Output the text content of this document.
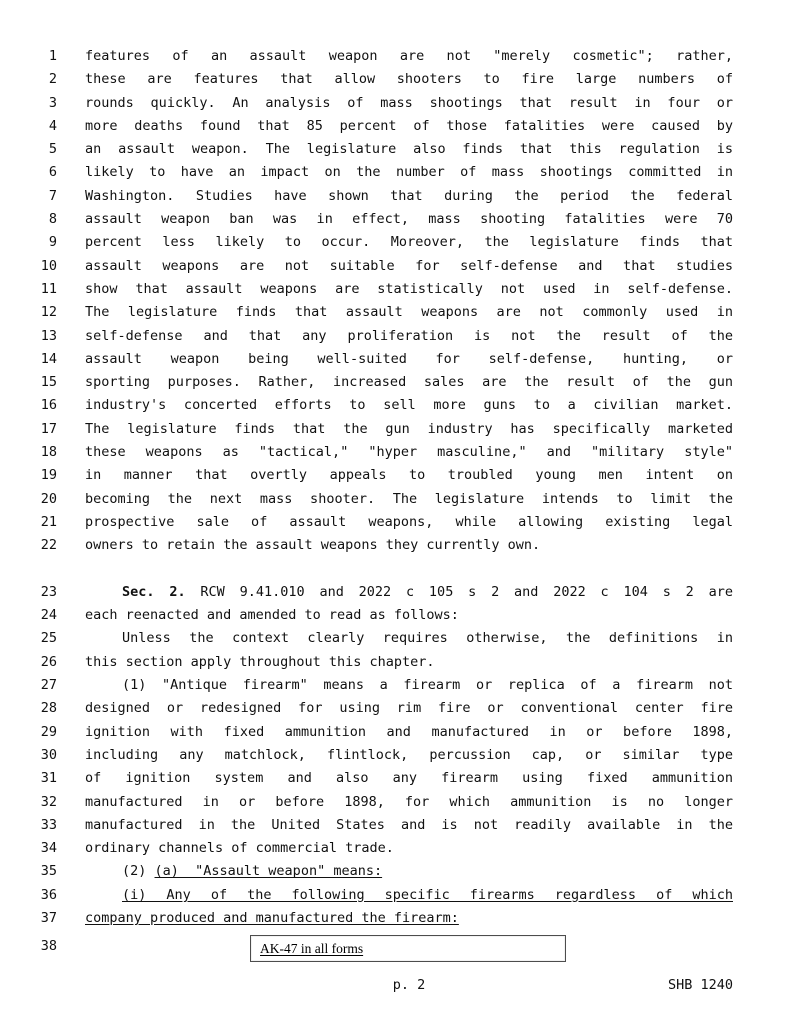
1 features of an assault weapon are not "merely cosmetic"; rather,
2 these are features that allow shooters to fire large numbers of
3 rounds quickly. An analysis of mass shootings that result in four or
4 more deaths found that 85 percent of those fatalities were caused by
5 an assault weapon. The legislature also finds that this regulation is
6 likely to have an impact on the number of mass shootings committed in
7 Washington. Studies have shown that during the period the federal
8 assault weapon ban was in effect, mass shooting fatalities were 70
9 percent less likely to occur. Moreover, the legislature finds that
10 assault weapons are not suitable for self-defense and that studies
11 show that assault weapons are statistically not used in self-defense.
12 The legislature finds that assault weapons are not commonly used in
13 self-defense and that any proliferation is not the result of the
14 assault weapon being well-suited for self-defense, hunting, or
15 sporting purposes. Rather, increased sales are the result of the gun
16 industry's concerted efforts to sell more guns to a civilian market.
17 The legislature finds that the gun industry has specifically marketed
18 these weapons as "tactical," "hyper masculine," and "military style"
19 in manner that overtly appeals to troubled young men intent on
20 becoming the next mass shooter. The legislature intends to limit the
21 prospective sale of assault weapons, while allowing existing legal
22 owners to retain the assault weapons they currently own.
23	Sec. 2. RCW 9.41.010 and 2022 c 105 s 2 and 2022 c 104 s 2 are
24 each reenacted and amended to read as follows:
25	Unless the context clearly requires otherwise, the definitions in
26 this section apply throughout this chapter.
27	(1) "Antique firearm" means a firearm or replica of a firearm not
28 designed or redesigned for using rim fire or conventional center fire
29 ignition with fixed ammunition and manufactured in or before 1898,
30 including any matchlock, flintlock, percussion cap, or similar type
31 of ignition system and also any firearm using fixed ammunition
32 manufactured in or before 1898, for which ammunition is no longer
33 manufactured in the United States and is not readily available in the
34 ordinary channels of commercial trade.
35	(2) (a)  "Assault weapon" means:
36	(i) Any of the following specific firearms regardless of which
37 company produced and manufactured the firearm:
38	AK-47 in all forms
p. 2	SHB 1240
